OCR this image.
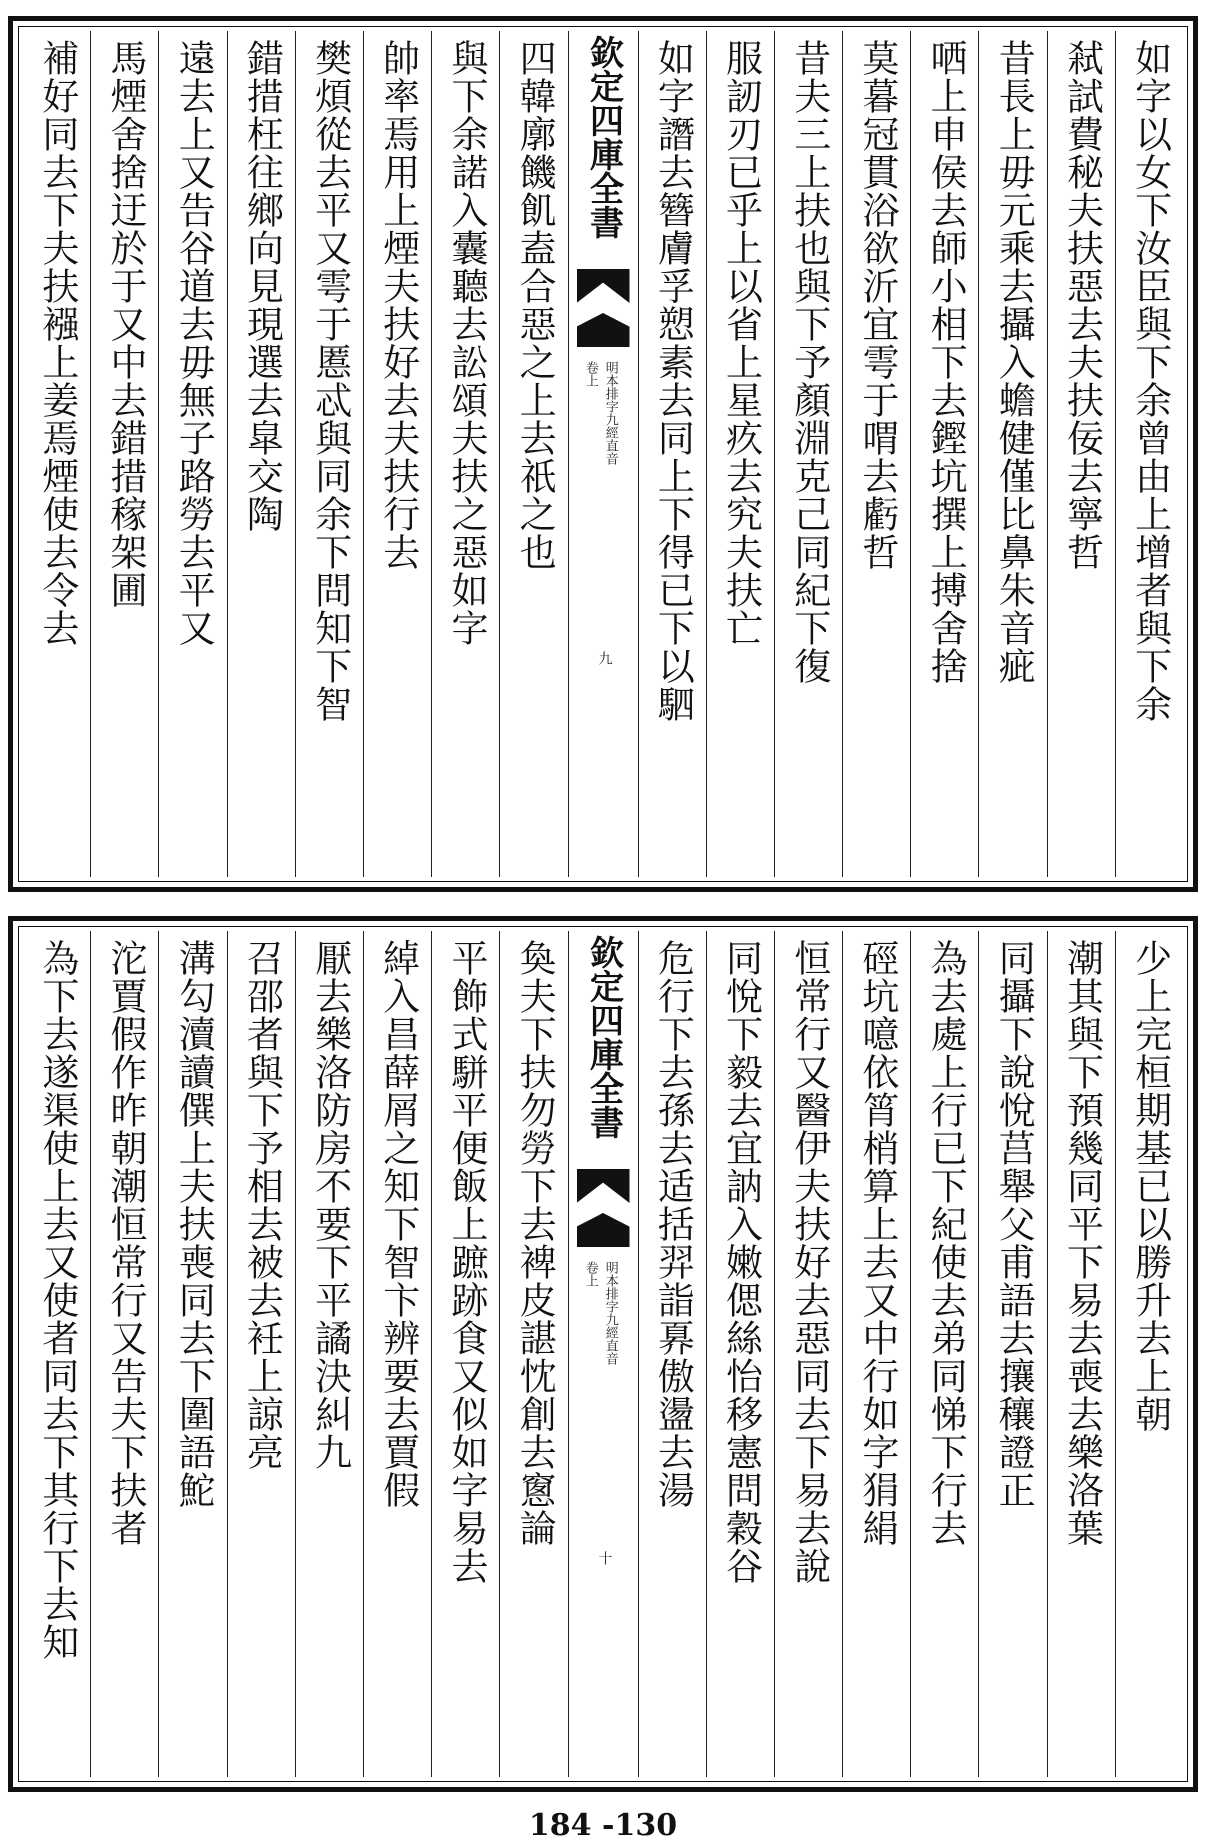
如字以女下汝臣與下余曾由上增者與下余
弒試費秘夫扶惡去夫扶佞去寧哲
昔長上毋元乘去攝入蟾健僅比鼻朱音疵
哂上申侯去師小相下去鏗坑撰上搏舍捨
莫暮冠貫浴欲沂宜雩于喟去虧哲
昔夫三上扶也與下予顏淵克己同紀下復
服訒刃已乎上以省上星疚去究夫扶亡
如字譖去簪膚孚愬素去同上下得已下以駟
欽定四庫全書
明本排字九經直音
卷上
九
四韓廓饑飢盍合惡之上去祇之也
與下余諾入囊聽去訟頌夫扶之惡如字
帥率焉用上煙夫扶好去夫扶行去
樊煩從去平又雩于慝忒與同余下問知下智
錯措枉往鄉向見現選去皐交陶
遠去上又告谷道去毋無子路勞去平又
馬煙舍捨迂於于又中去錯措稼架圃
補好同去下夫扶襁上姜焉煙使去令去
少上完桓期基已以勝升去上朝
潮其與下預幾同平下易去喪去樂洛葉
同攝下說悅莒舉父甫語去攘穰證正
為去處上行已下紀使去弟同悌下行去
硜坑噫依筲梢算上去又中行如字狷絹
恒常行又醫伊夫扶好去惡同去下易去說
同悅下毅去宜訥入嫩偲絲怡移憲問穀谷
危行下去孫去适括羿詣奡傲盪去湯
欽定四庫全書
明本排字九經直音
卷上
十
奐夫下扶勿勞下去裨皮諶忱創去窻論
平飾式駢平便飯上蹠跡食又似如字易去
綽入昌薛屑之知下智卞辨要去賈假
厭去樂洛防房不要下平譎決糾九
召邵者與下予相去被去衽上諒亮
溝勾瀆讀僎上夫扶喪同去下圍語鮀
沱賈假作昨朝潮恒常行又告夫下扶者
為下去遂渠使上去又使者同去下其行下去知
184 -130
